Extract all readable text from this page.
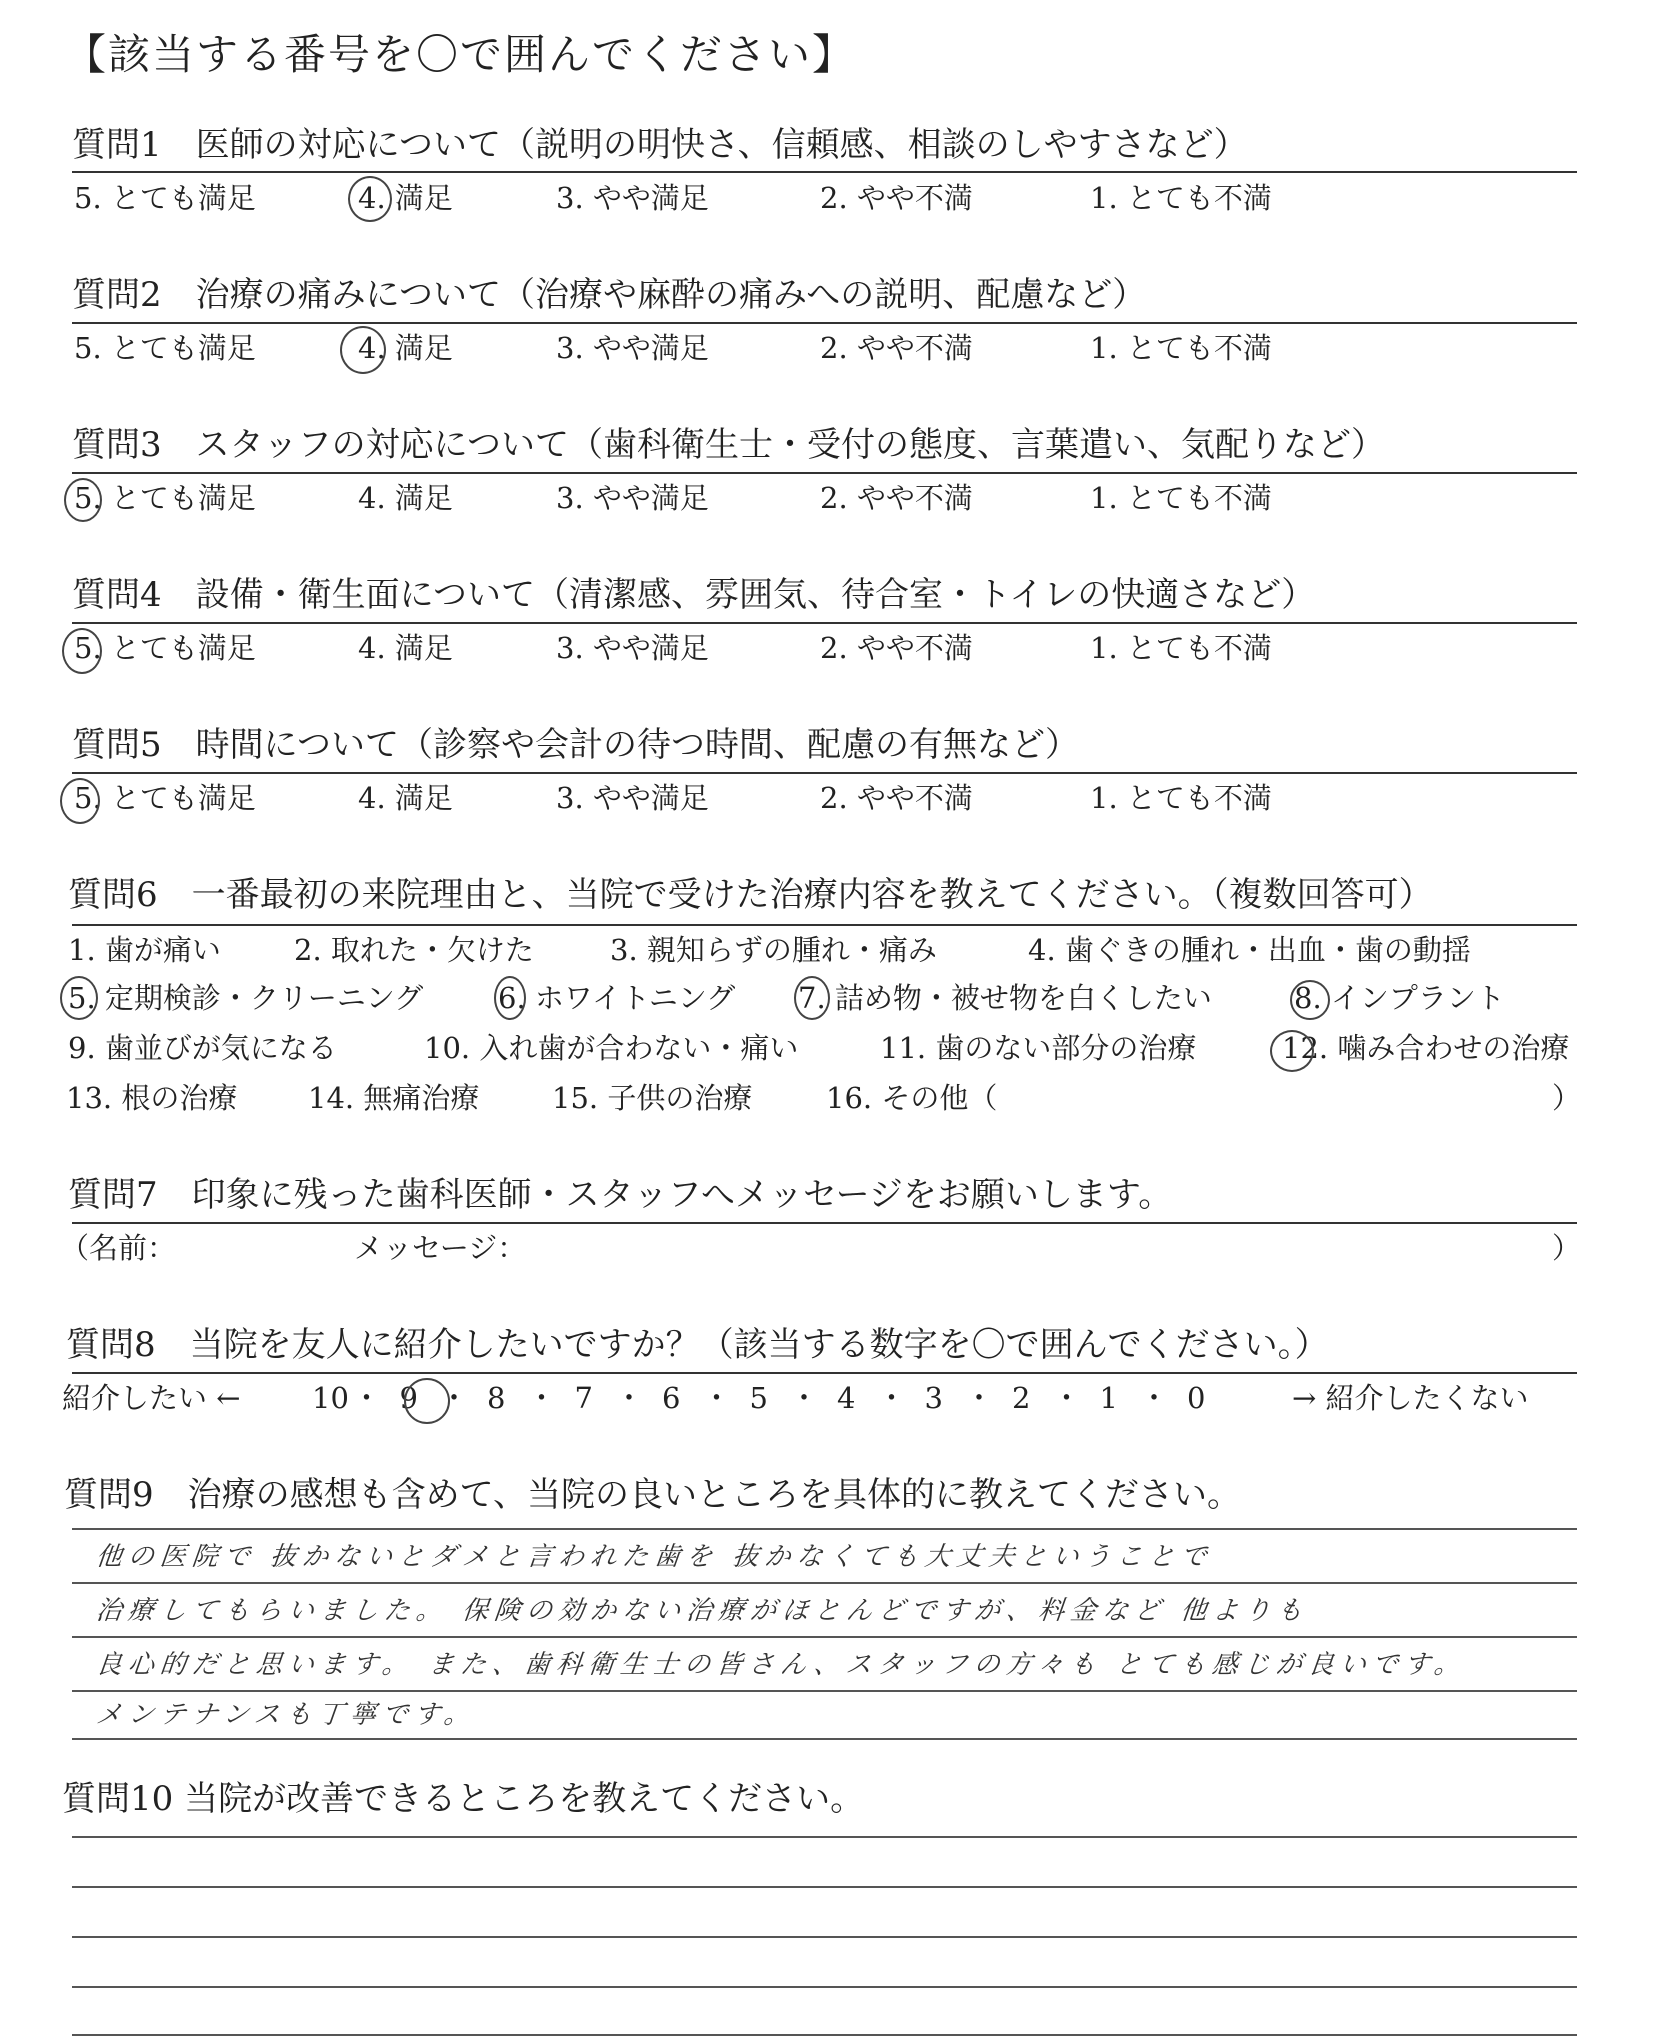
【該当する番号を〇で囲んでください】
質問1　医師の対応について（説明の明快さ、信頼感、相談のしやすさなど）
5. とても満足	4. 満足	3. やや満足	2. やや不満	1. とても不満
質問2　治療の痛みについて（治療や麻酔の痛みへの説明、配慮など）
5. とても満足	4. 満足	3. やや満足	2. やや不満	1. とても不満
質問3　スタッフの対応について（歯科衛生士・受付の態度、言葉遣い、気配りなど）
5. とても満足	4. 満足	3. やや満足	2. やや不満	1. とても不満
質問4　設備・衛生面について（清潔感、雰囲気、待合室・トイレの快適さなど）
5. とても満足	4. 満足	3. やや満足	2. やや不満	1. とても不満
質問5　時間について（診察や会計の待つ時間、配慮の有無など）
5. とても満足	4. 満足	3. やや満足	2. やや不満	1. とても不満
質問6　一番最初の来院理由と、当院で受けた治療内容を教えてください。（複数回答可）
1. 歯が痛い	2. 取れた・欠けた	3. 親知らずの腫れ・痛み	4. 歯ぐきの腫れ・出血・歯の動揺
5. 定期検診・クリーニング	6. ホワイトニング 7. 詰め物・被せ物を白くしたい	8. インプラント
9. 歯並びが気になる	10. 入れ歯が合わない・痛い	11. 歯のない部分の治療	12. 噛み合わせの治療
13. 根の治療 14. 無痛治療	15. 子供の治療	16. その他（	）
質問7　印象に残った歯科医師・スタッフへメッセージをお願いします。
（名前：	メッセージ：	）
質問8　当院を友人に紹介したいですか？（該当する数字を〇で囲んでください。）
紹介したい ← 10 ・ 9 ・ 8 ・ 7 ・ 6 ・ 5 ・ 4 ・ 3 ・ 2 ・ 1 ・ 0	→ 紹介したくない
質問9　治療の感想も含めて、当院の良いところを具体的に教えてください。
他の医院で 抜かないとダメと言われた歯を 抜かなくても大丈夫ということで
治療してもらいました。 保険の効かない治療がほとんどですが、料金など 他よりも
良心的だと思います。 また、歯科衛生士の皆さん、スタッフの方々も とても感じが良いです。
メンテナンスも丁寧です。
質問10 当院が改善できるところを教えてください。
